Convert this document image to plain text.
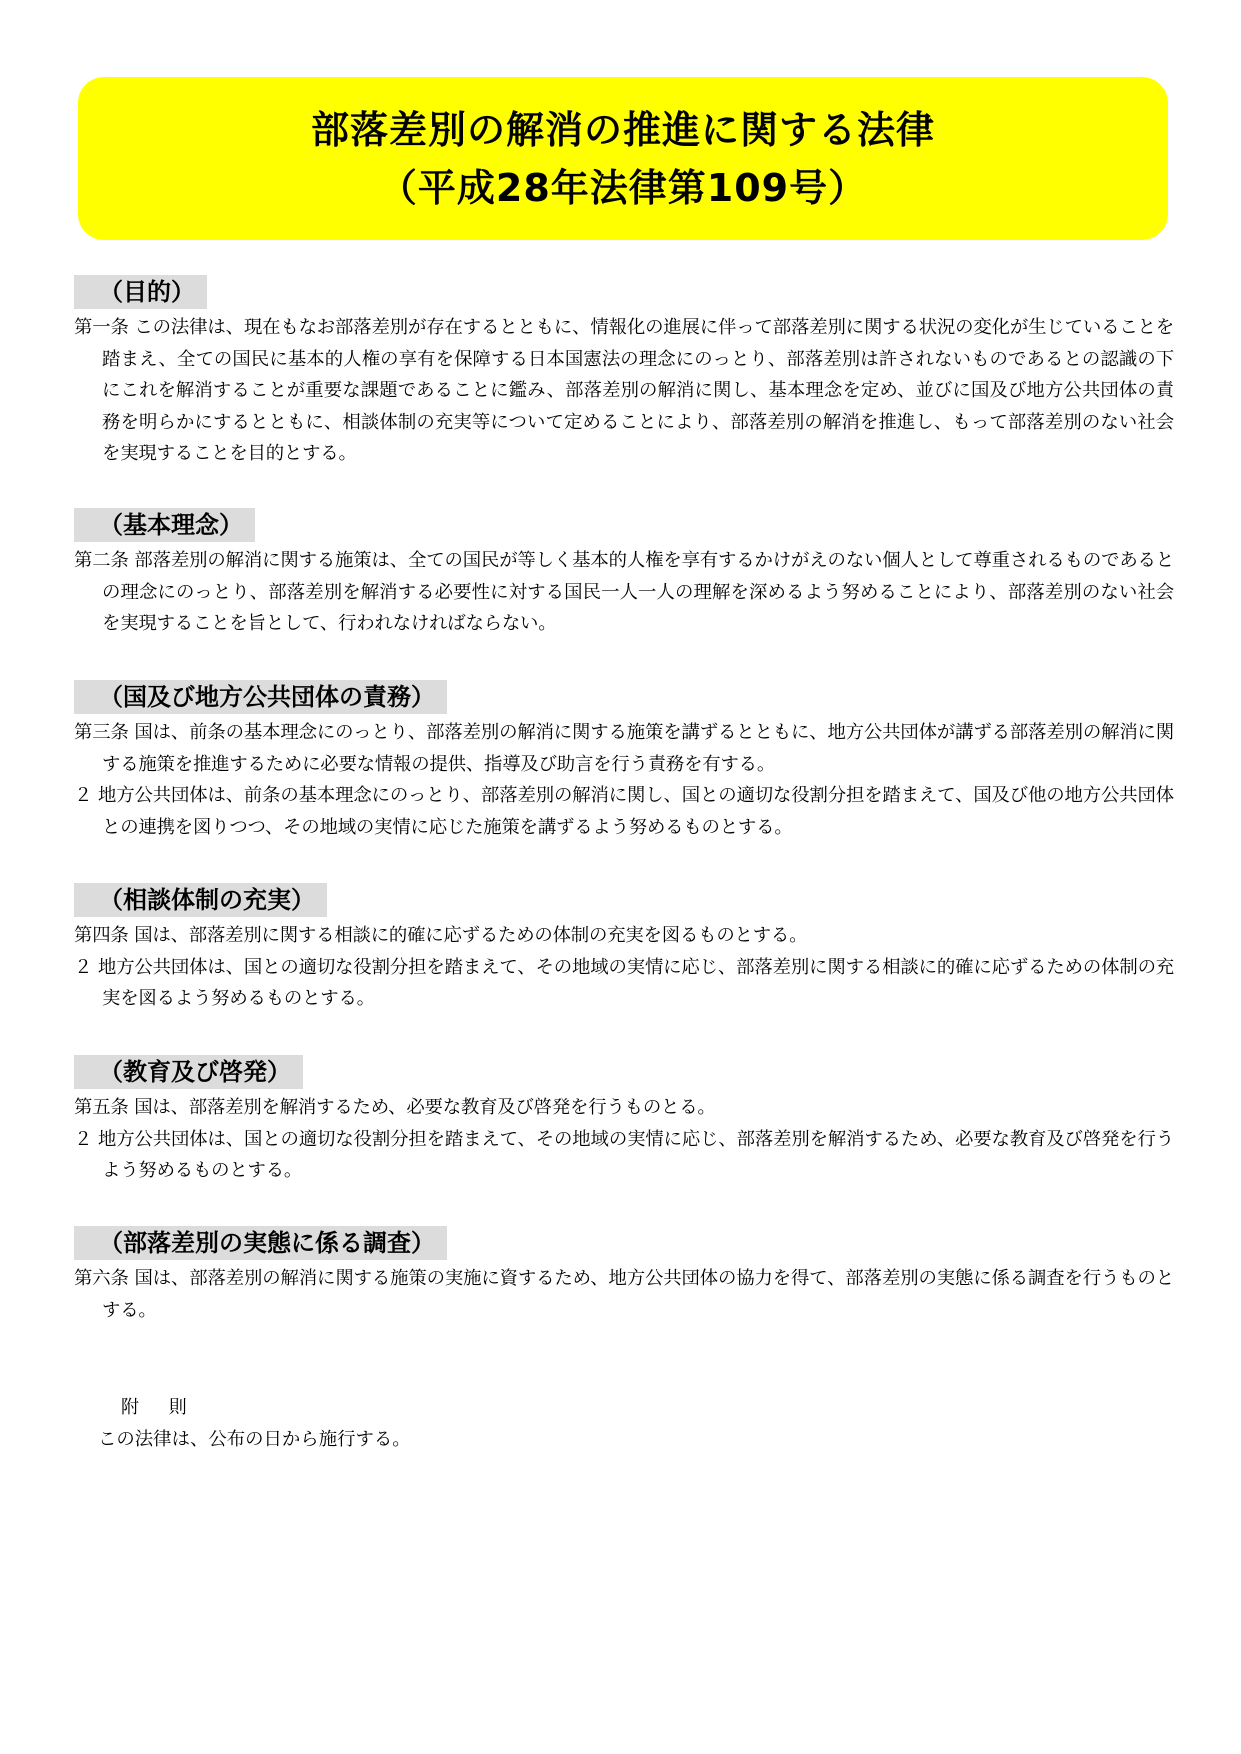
部落差別の解消の推進に関する法律
（平成28年法律第109号）
（目的）
第一条 この法律は、現在もなお部落差別が存在するとともに、情報化の進展に伴って部落差別に関する状況の変化が生じていることを踏まえ、全ての国民に基本的人権の享有を保障する日本国憲法の理念にのっとり、部落差別は許されないものであるとの認識の下にこれを解消することが重要な課題であることに鑑み、部落差別の解消に関し、基本理念を定め、並びに国及び地方公共団体の責務を明らかにするとともに、相談体制の充実等について定めることにより、部落差別の解消を推進し、もって部落差別のない社会を実現することを目的とする。
（基本理念）
第二条 部落差別の解消に関する施策は、全ての国民が等しく基本的人権を享有するかけがえのない個人として尊重されるものであるとの理念にのっとり、部落差別を解消する必要性に対する国民一人一人の理解を深めるよう努めることにより、部落差別のない社会を実現することを旨として、行われなければならない。
（国及び地方公共団体の責務）
第三条 国は、前条の基本理念にのっとり、部落差別の解消に関する施策を講ずるとともに、地方公共団体が講ずる部落差別の解消に関する施策を推進するために必要な情報の提供、指導及び助言を行う責務を有する。
２ 地方公共団体は、前条の基本理念にのっとり、部落差別の解消に関し、国との適切な役割分担を踏まえて、国及び他の地方公共団体との連携を図りつつ、その地域の実情に応じた施策を講ずるよう努めるものとする。
（相談体制の充実）
第四条 国は、部落差別に関する相談に的確に応ずるための体制の充実を図るものとする。
２ 地方公共団体は、国との適切な役割分担を踏まえて、その地域の実情に応じ、部落差別に関する相談に的確に応ずるための体制の充実を図るよう努めるものとする。
（教育及び啓発）
第五条 国は、部落差別を解消するため、必要な教育及び啓発を行うものとる。
２ 地方公共団体は、国との適切な役割分担を踏まえて、その地域の実情に応じ、部落差別を解消するため、必要な教育及び啓発を行うよう努めるものとする。
（部落差別の実態に係る調査）
第六条 国は、部落差別の解消に関する施策の実施に資するため、地方公共団体の協力を得て、部落差別の実態に係る調査を行うものとする。
附 則
この法律は、公布の日から施行する。
